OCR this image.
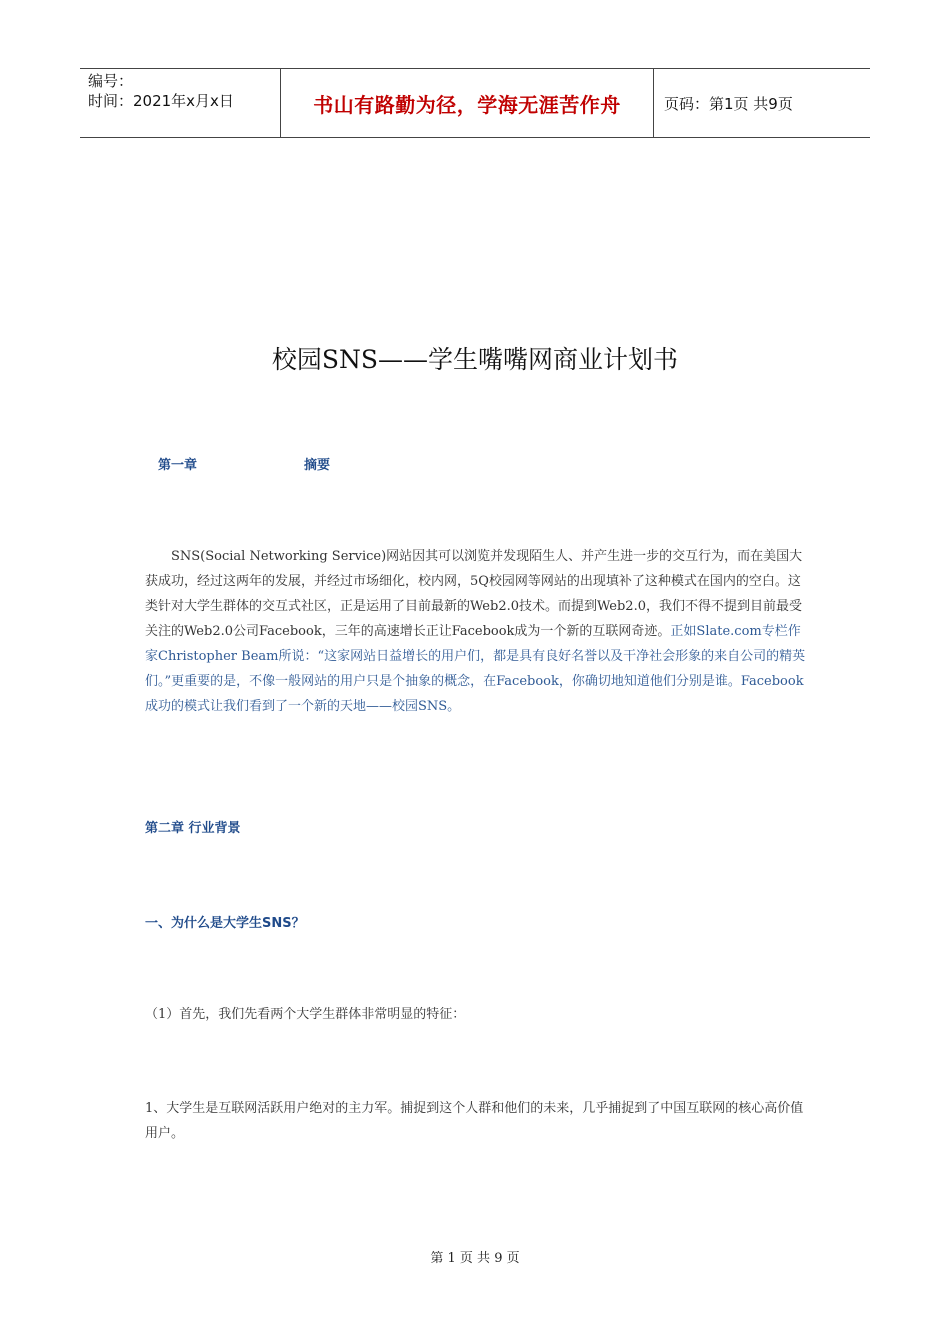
编号：
时间：2021年x月x日	书山有路勤为径，学海无涯苦作舟	页码：第1页 共9页
校园SNS——学生嘴嘴网商业计划书
第一章	摘要

SNS(Social Networking Service)网站因其可以浏览并发现陌生人、并产生进一步的交互行为，而在美国大获成功，经过这两年的发展，并经过市场细化，校内网，5Q校园网等网站的出现填补了这种模式在国内的空白。这类针对大学生群体的交互式社区，正是运用了目前最新的Web2.0技术。而提到Web2.0，我们不得不提到目前最受关注的Web2.0公司Facebook，三年的高速增长正让Facebook成为一个新的互联网奇迹。正如Slate.com专栏作家Christopher Beam所说：“这家网站日益增长的用户们，都是具有良好名誉以及干净社会形象的来自公司的精英们。”更重要的是，不像一般网站的用户只是个抽象的概念，在Facebook，你确切地知道他们分别是谁。Facebook成功的模式让我们看到了一个新的天地——校园SNS。

第二章 行业背景
一、为什么是大学生SNS？
（1）首先，我们先看两个大学生群体非常明显的特征：
1、大学生是互联网活跃用户绝对的主力军。捕捉到这个人群和他们的未来，几乎捕捉到了中国互联网的核心高价值用户。
第 1 页 共 9 页
